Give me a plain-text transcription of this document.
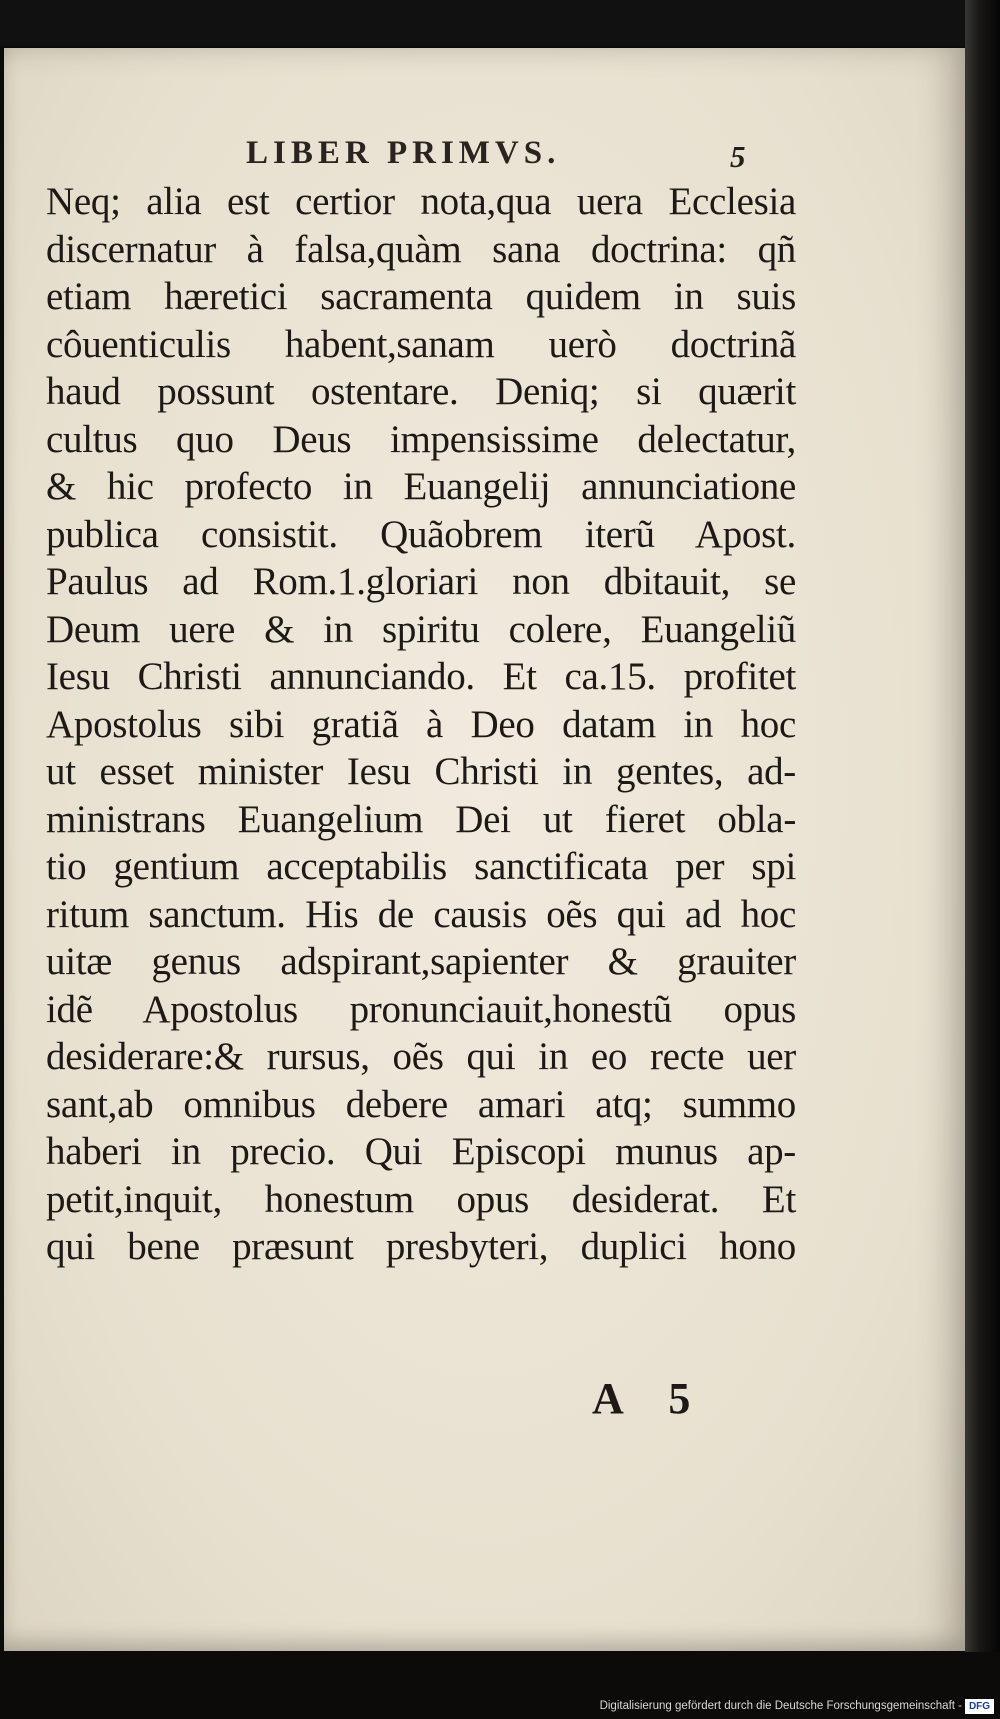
LIBER PRIMVS.	5
Neq; alia est certior nota,qua uera Ecclesia
discernatur à falsa,quàm sana doctrina: qñ
etiam hæretici sacramenta quidem in suis
côuenticulis habent,sanam uerò doctrinã
haud possunt ostentare. Deniq; si quærit
cultus quo Deus impensissime delectatur,
& hic profecto in Euangelij annunciatione
publica consistit. Quãobrem iterũ Apost.
Paulus ad Rom.1.gloriari non dbitauit, se
Deum uere & in spiritu colere, Euangeliũ
Iesu Christi annunciando. Et ca.15. profitet
Apostolus sibi gratiã à Deo datam in hoc
ut esset minister Iesu Christi in gentes, ad-
ministrans Euangelium Dei ut fieret obla-
tio gentium acceptabilis sanctificata per spi
ritum sanctum. His de causis oẽs qui ad hoc
uitæ genus adspirant,sapienter & grauiter
idẽ Apostolus pronunciauit,honestũ opus
desiderare:& rursus, oẽs qui in eo recte uer
sant,ab omnibus debere amari atq; summo
haberi in precio. Qui Episcopi munus ap-
petit,inquit, honestum opus desiderat. Et
qui bene præsunt presbyteri, duplici hono
A 5
Digitalisierung gefördert durch die Deutsche Forschungsgemeinschaft - DFG
